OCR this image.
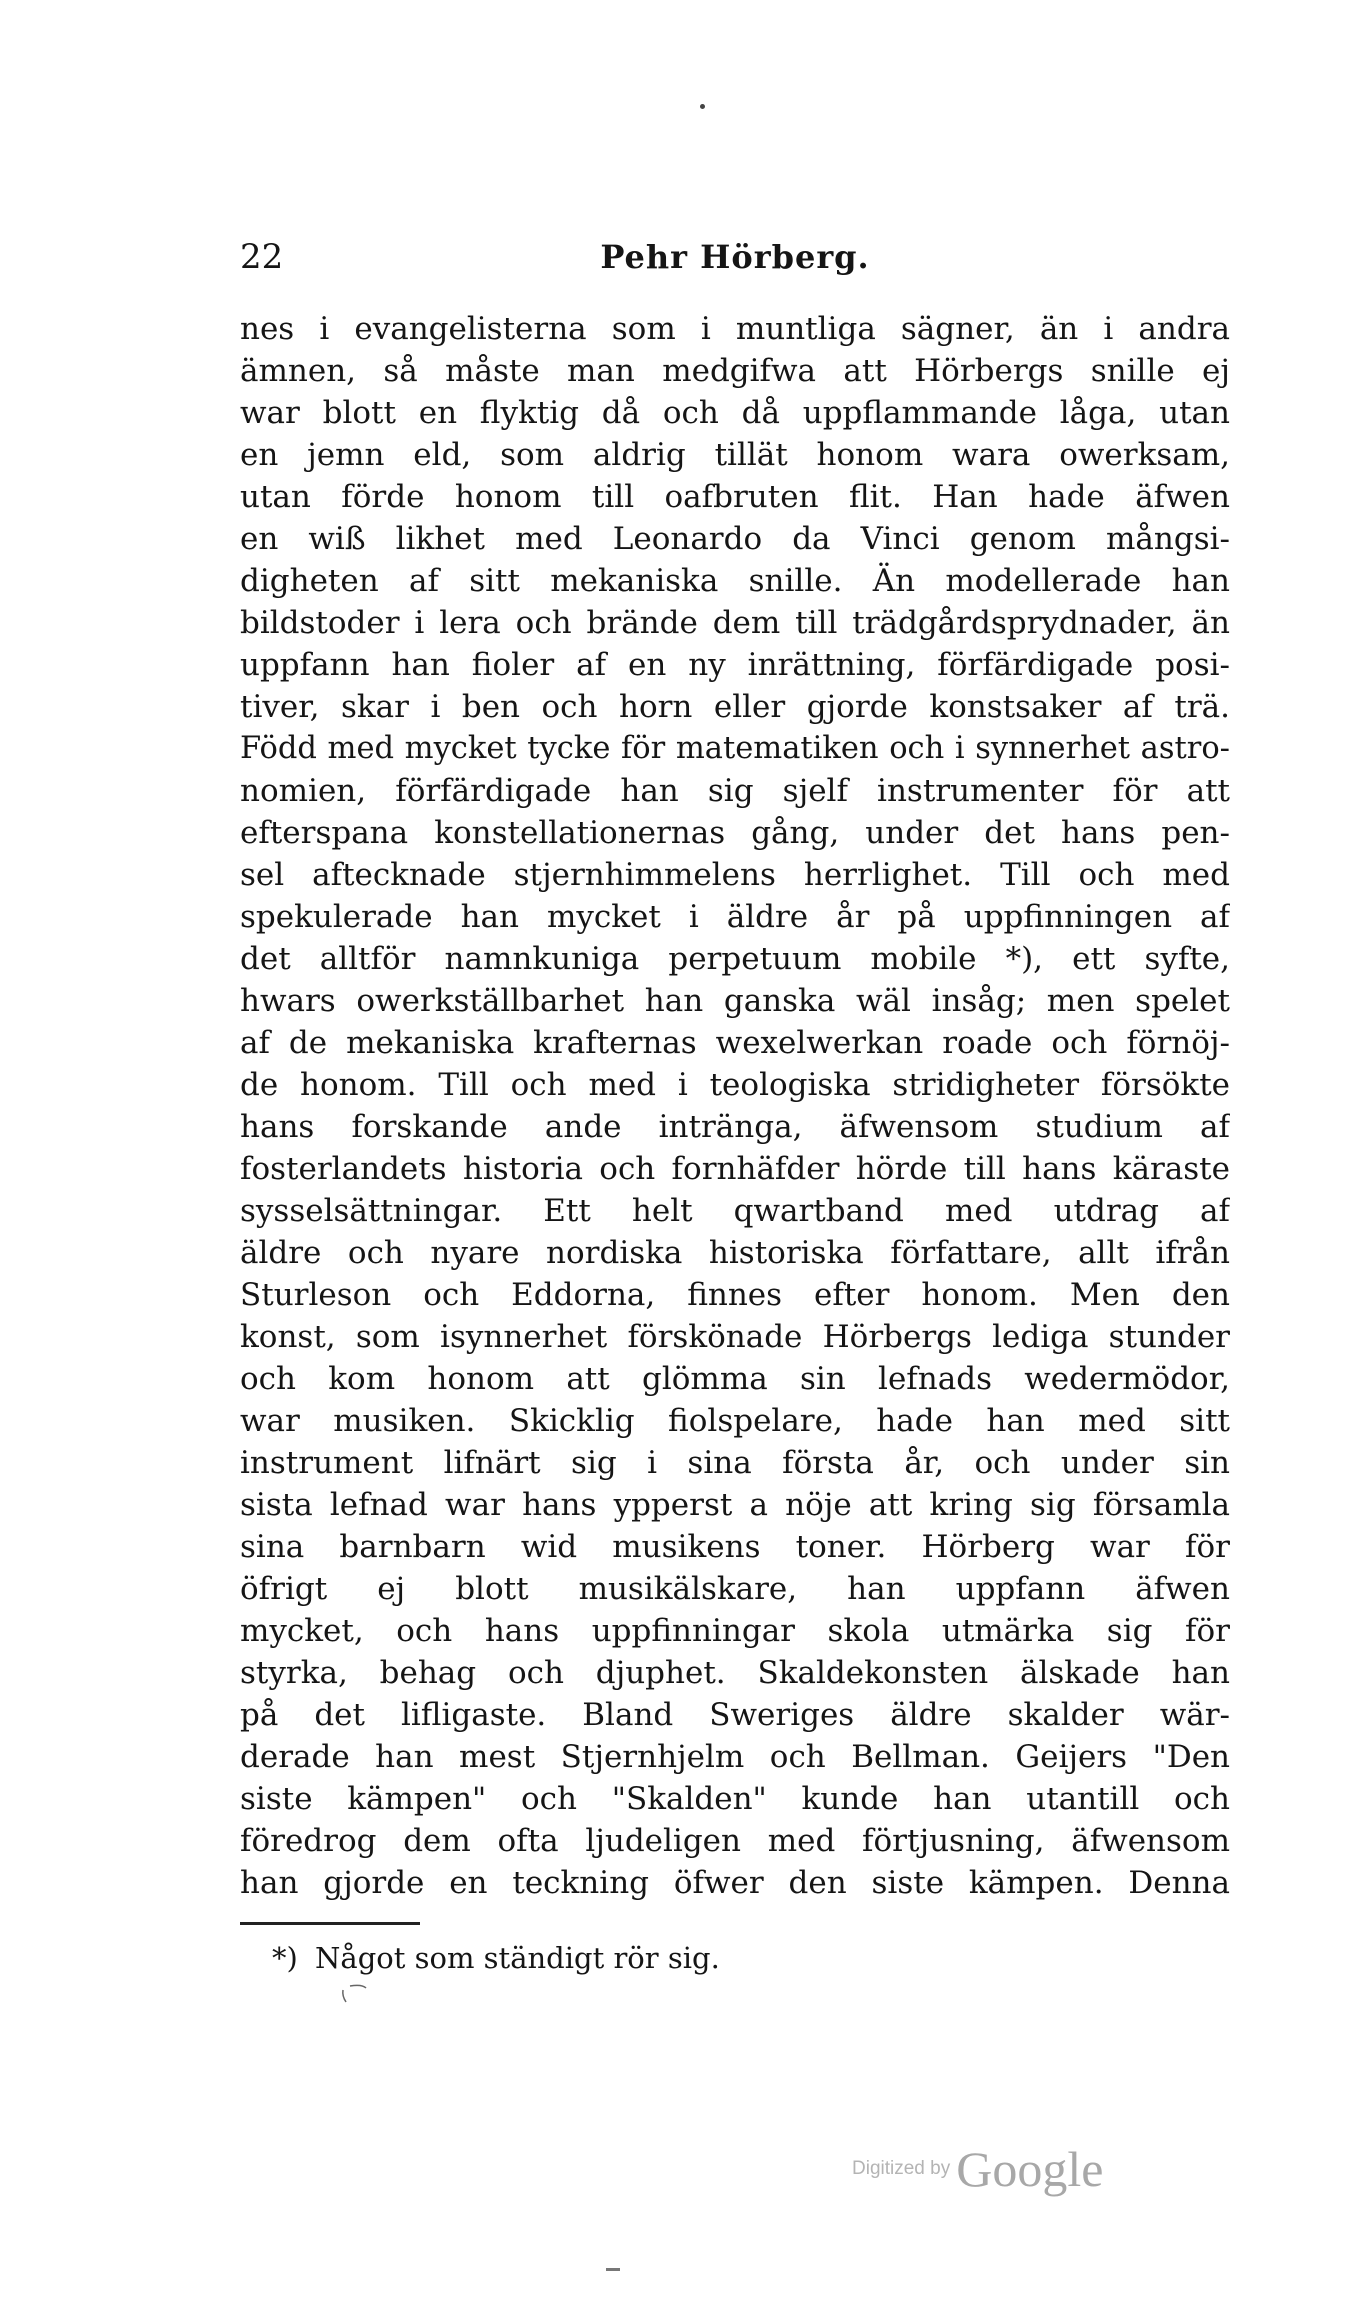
22	Pehr Hörberg.
nes i evangelisterna som i muntliga sägner, än i andra
ämnen, så måste man medgifwa att Hörbergs snille ej
war blott en flyktig då och då uppflammande låga, utan
en jemn eld, som aldrig tillät honom wara owerksam,
utan förde honom till oafbruten flit. Han hade äfwen
en wiß likhet med Leonardo da Vinci genom mångsi-
digheten af sitt mekaniska snille. Än modellerade han
bildstoder i lera och brände dem till trädgårdsprydnader, än
uppfann han fioler af en ny inrättning, förfärdigade posi-
tiver, skar i ben och horn eller gjorde konstsaker af trä.
Född med mycket tycke för matematiken och i synnerhet astro-
nomien, förfärdigade han sig sjelf instrumenter för att
efterspana konstellationernas gång, under det hans pen-
sel aftecknade stjernhimmelens herrlighet. Till och med
spekulerade han mycket i äldre år på uppfinningen af
det alltför namnkuniga perpetuum mobile *), ett syfte,
hwars owerkställbarhet han ganska wäl insåg; men spelet
af de mekaniska krafternas wexelwerkan roade och förnöj-
de honom. Till och med i teologiska stridigheter försökte
hans forskande ande intränga, äfwensom studium af
fosterlandets historia och fornhäfder hörde till hans käraste
sysselsättningar. Ett helt qwartband med utdrag af
äldre och nyare nordiska historiska författare, allt ifrån
Sturleson och Eddorna, finnes efter honom. Men den
konst, som isynnerhet förskönade Hörbergs lediga stunder
och kom honom att glömma sin lefnads wedermödor,
war musiken. Skicklig fiolspelare, hade han med sitt
instrument lifnärt sig i sina första år, och under sin
sista lefnad war hans ypperst a nöje att kring sig församla
sina barnbarn wid musikens toner. Hörberg war för
öfrigt ej blott musikälskare, han uppfann äfwen
mycket, och hans uppfinningar skola utmärka sig för
styrka, behag och djuphet. Skaldekonsten älskade han
på det lifligaste. Bland Sweriges äldre skalder wär-
derade han mest Stjernhjelm och Bellman. Geijers "Den
siste kämpen" och "Skalden" kunde han utantill och
föredrog dem ofta ljudeligen med förtjusning, äfwensom
han gjorde en teckning öfwer den siste kämpen. Denna
*) Något som ständigt rör sig.
Digitized by Google
